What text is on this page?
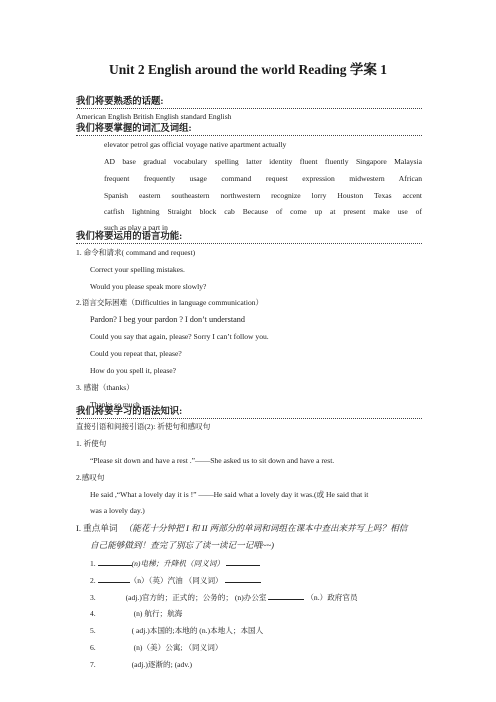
Unit 2 English around the world Reading 学案 1
我们将要熟悉的话题:
American English British English standard English
我们将要掌握的词汇及词组:
elevator petrol gas official voyage native apartment actually
AD base gradual vocabulary spelling latter identity fluent fluently Singapore Malaysia
frequent frequently usage command request expression midwestern African
Spanish eastern southeastern northwestern recognize lorry Houston Texas accent
catfish lightning Straight block cab Because of come up at present make use of
such as play a part in
我们将要运用的语言功能:
1. 命令和请求( command and request)
Correct your spelling mistakes.
Would you please speak more slowly?
2.语言交际困难（Difficulties in language communication）
Pardon? I beg your pardon ? I don’t understand
Could you say that again, please? Sorry I can’t follow you.
Could you repeat that, please?
How do you spell it, please?
3. 感谢（thanks）
Thanks so much
我们将要学习的语法知识:
直接引语和间接引语(2): 祈使句和感叹句
1. 祈使句
“Please sit down and have a rest .”——She asked us to sit down and have a rest.
2.感叹句
He said ,“What a lovely day it is !” ——He said what a lovely day it was.(或 He said that it
was a lovely day.)
I. 重点单词 （能花十分钟把 I 和 II 两部分的单词和词组在课本中查出来并写上吗？相信
自己能够做到！查完了别忘了读一读记一记哦~~)
1.	(n)电梯；升降机（同义词）
2.	（n）（英）汽油 （同义词）
3.	(adj.)官方的；正式的；公务的； (n)办公室	（n.）政府官员
4.	(n) 航行；航海
5.	( adj.)本国的;本地的 (n.)本地人；本国人
6.	(n)（美）公寓; （同义词）
7.	(adj.)逐渐的; (adv.)
